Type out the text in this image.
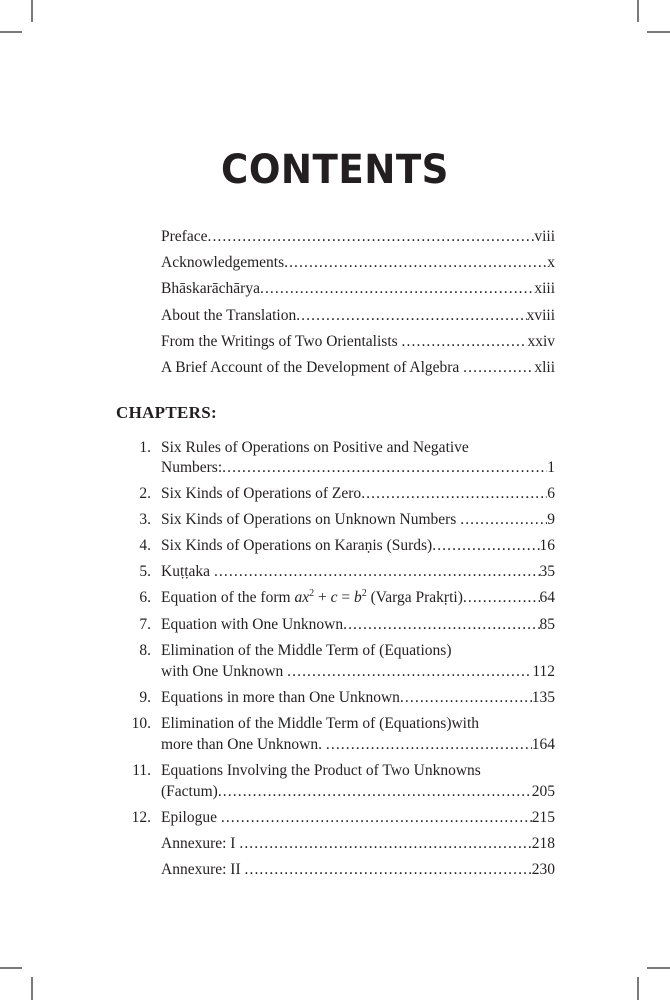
CONTENTS
Preface .....	viii
Acknowledgements .....	x
Bhāskarāchārya .....	xiii
About the Translation .....	xviii
From the Writings of Two Orientalists .....	xxiv
A Brief Account of the Development of Algebra .....	xlii
CHAPTERS:
1. Six Rules of Operations on Positive and Negative
Numbers: .....	1
2. Six Kinds of Operations of Zero .....	6
3. Six Kinds of Operations on Unknown Numbers .....	9
4. Six Kinds of Operations on Karaṇis (Surds) .....	16
5. Kuṭṭaka .....	35
6. Equation of the form $ax^2 + c = b^2$ (Varga Prakṛti) .....	64
7. Equation with One Unknown .....	85
8. Elimination of the Middle Term of (Equations)
with One Unknown .....	112
9. Equations in more than One Unknown .....	135
10. Elimination of the Middle Term of (Equations)with
more than One Unknown. .....	164
11. Equations Involving the Product of Two Unknowns
(Factum) .....	205
12. Epilogue .....	215
Annexure: I .....	218
Annexure: II .....	230
